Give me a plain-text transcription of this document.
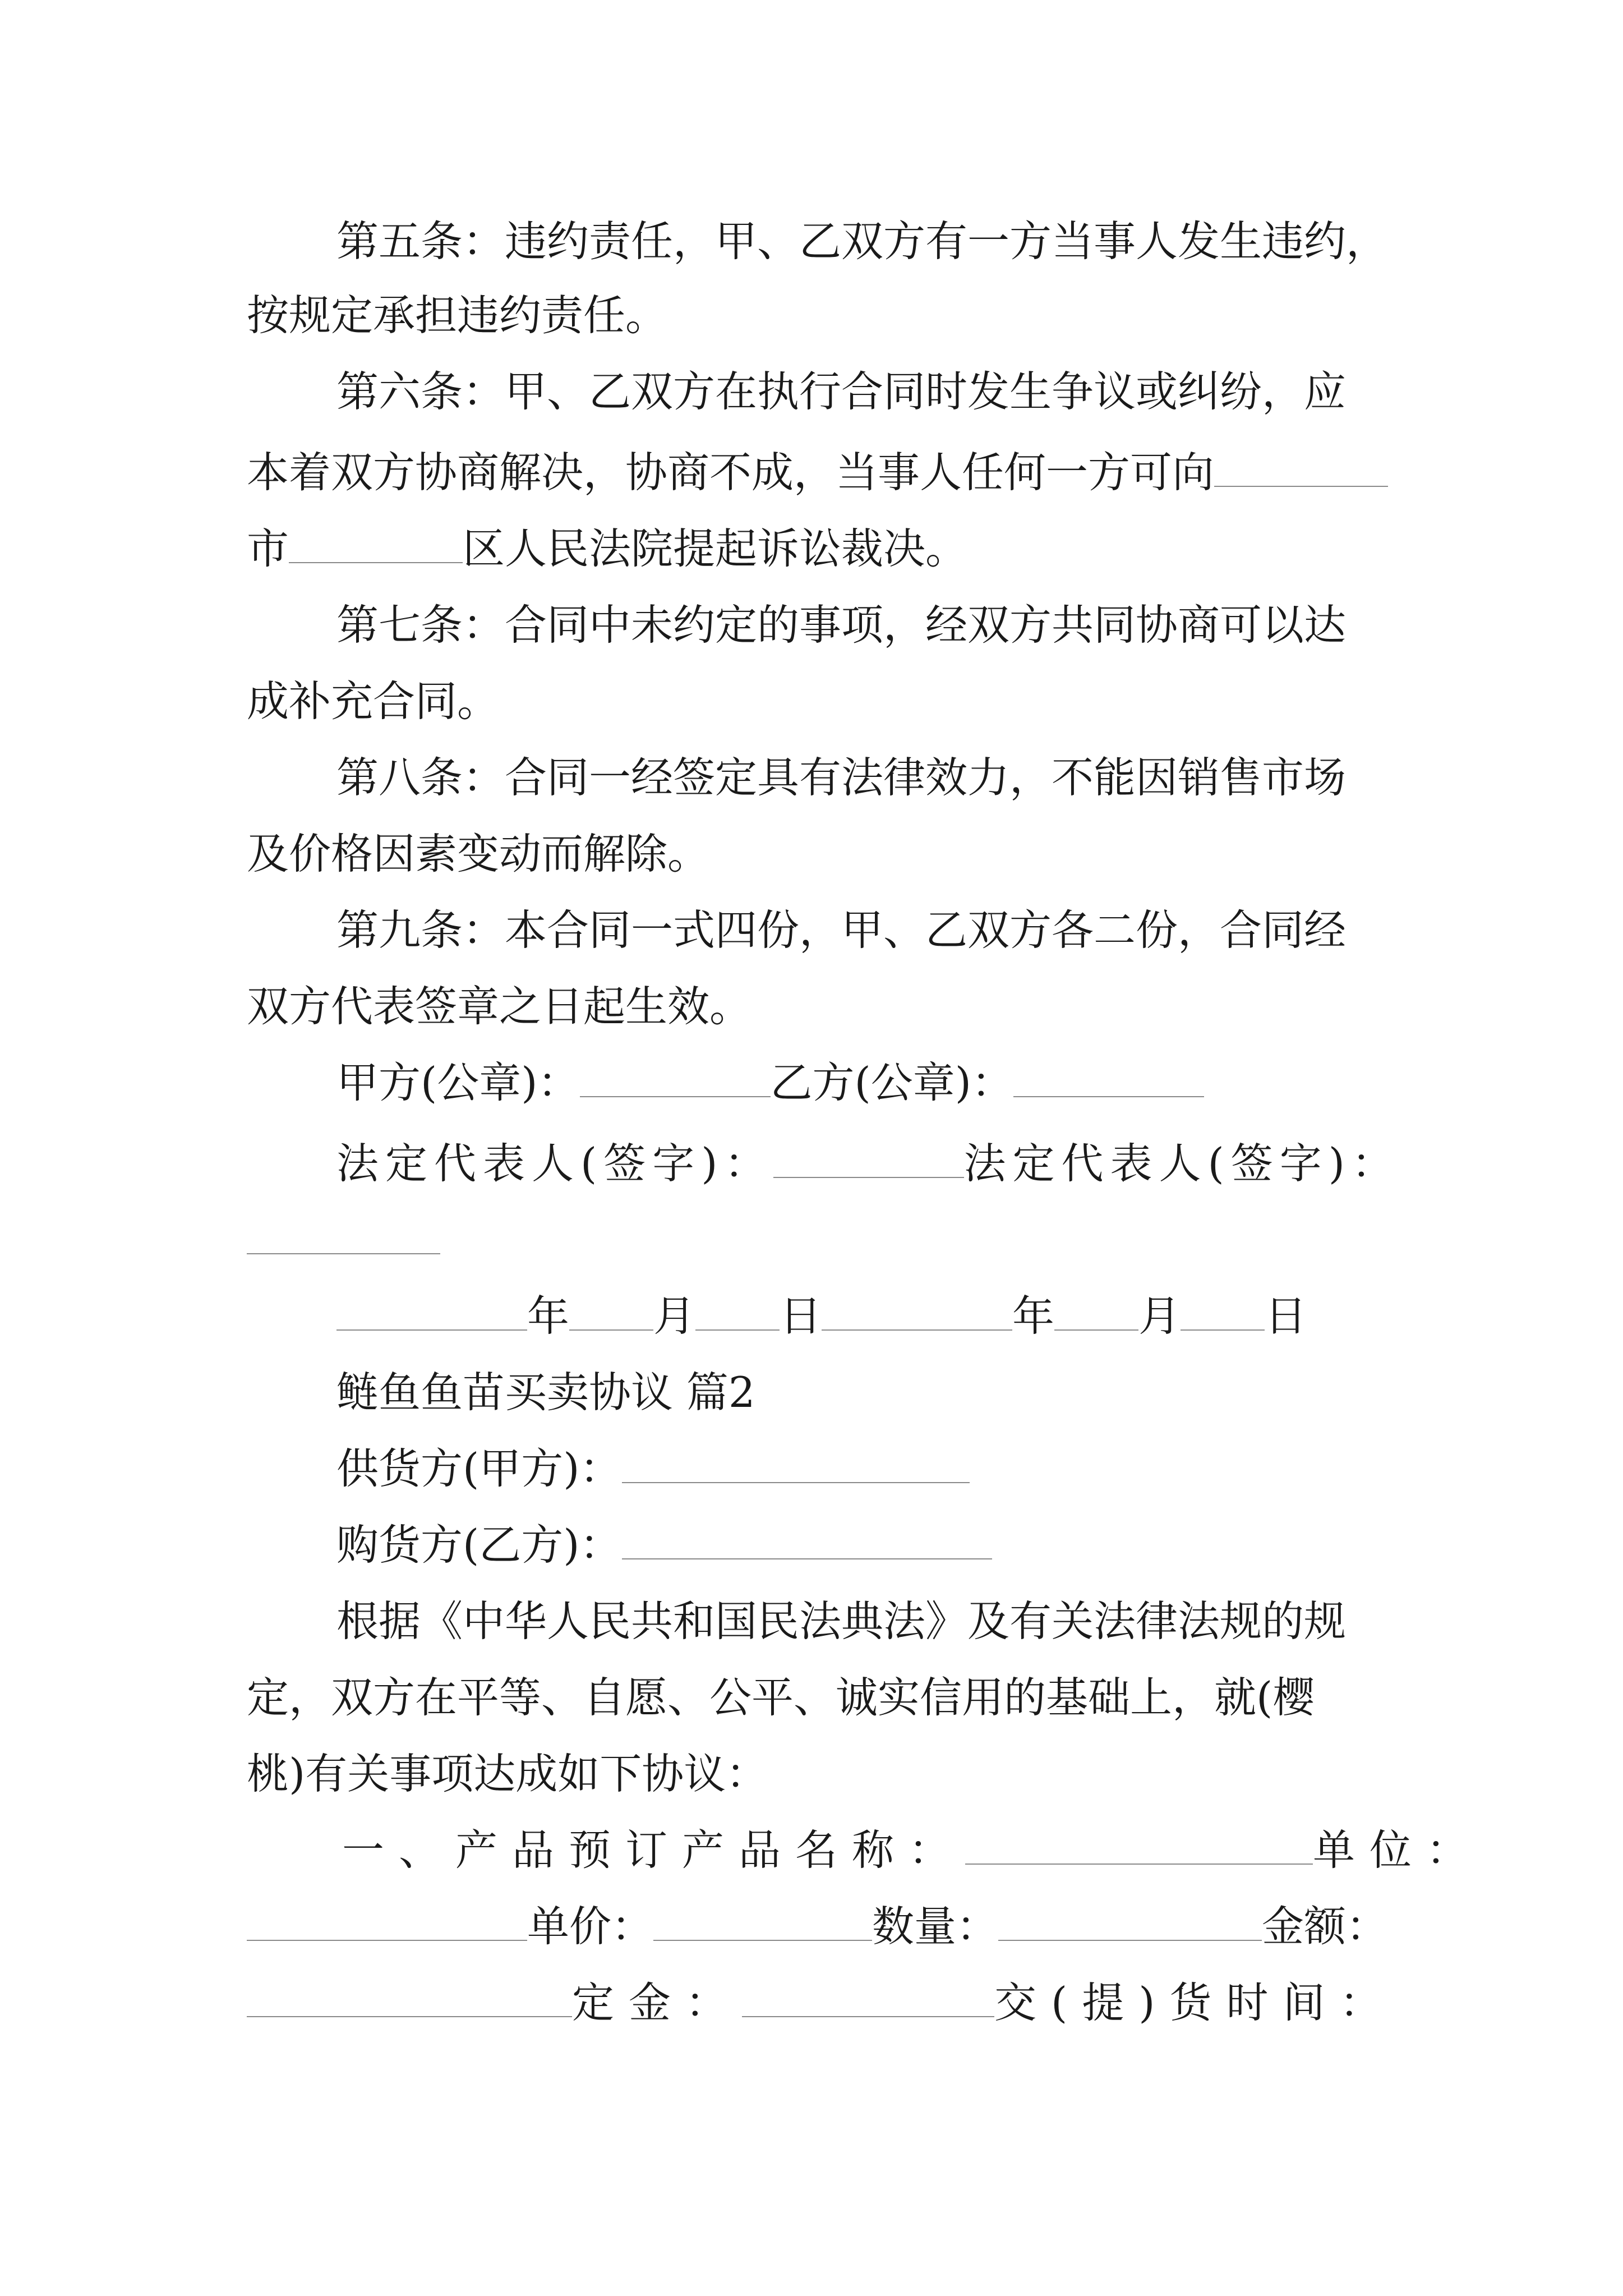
第五条：违约责任，甲、乙双方有一方当事人发生违约，
按规定承担违约责任。
第六条：甲、乙双方在执行合同时发生争议或纠纷，应
本着双方协商解决，协商不成，当事人任何一方可向
市	区人民法院提起诉讼裁决。
第七条：合同中未约定的事项，经双方共同协商可以达
成补充合同。
第八条：合同一经签定具有法律效力，不能因销售市场
及价格因素变动而解除。
第九条：本合同一式四份，甲、乙双方各二份，合同经
双方代表签章之日起生效。
甲方(公章)：	乙方(公章)：
法定代表人(签字)：	法定代表人(签字)：
年 月 日	年 月 日
鲢鱼鱼苗买卖协议 篇2
供货方(甲方)：
购货方(乙方)：
根据《中华人民共和国民法典法》及有关法律法规的规
定，双方在平等、自愿、公平、诚实信用的基础上，就(樱
桃)有关事项达成如下协议：
一、产品预订产品名称：	单位：
单价：	数量：	金额：
定金：	交(提)货时间：
